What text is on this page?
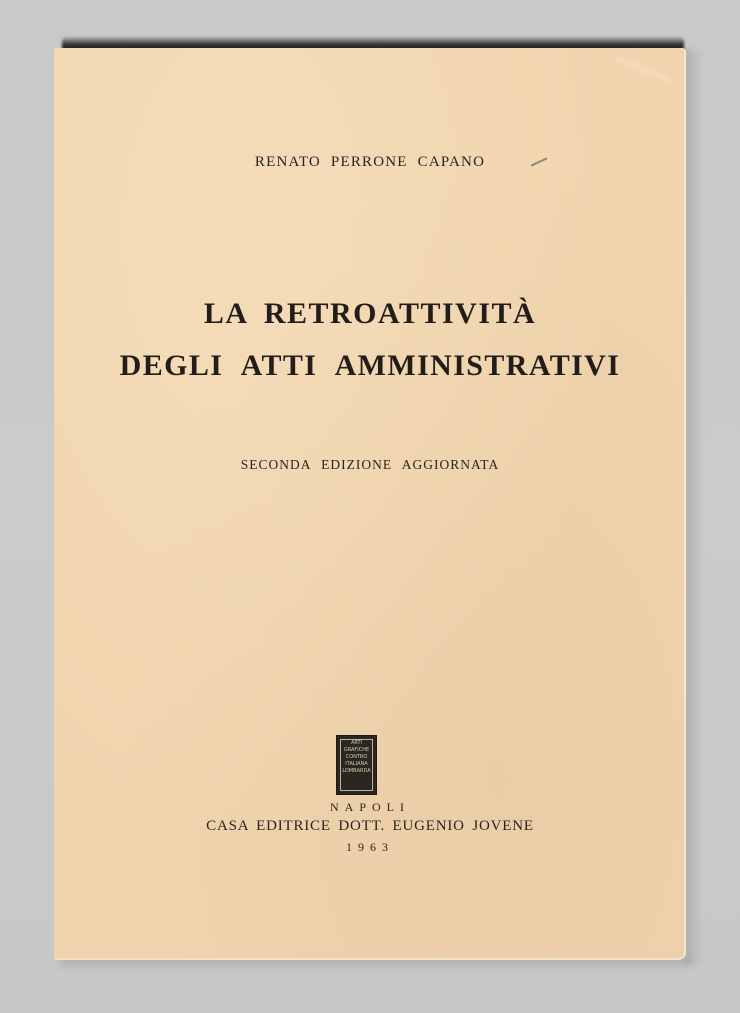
RENATO PERRONE CAPANO
LA RETROATTIVITÀ
DEGLI ATTI AMMINISTRATIVI
SECONDA EDIZIONE AGGIORNATA
ARTI
GRAFICHE
CONTRO
ITALIANA
LOMBARDA
NAPOLI
CASA EDITRICE DOTT. EUGENIO JOVENE
1963
